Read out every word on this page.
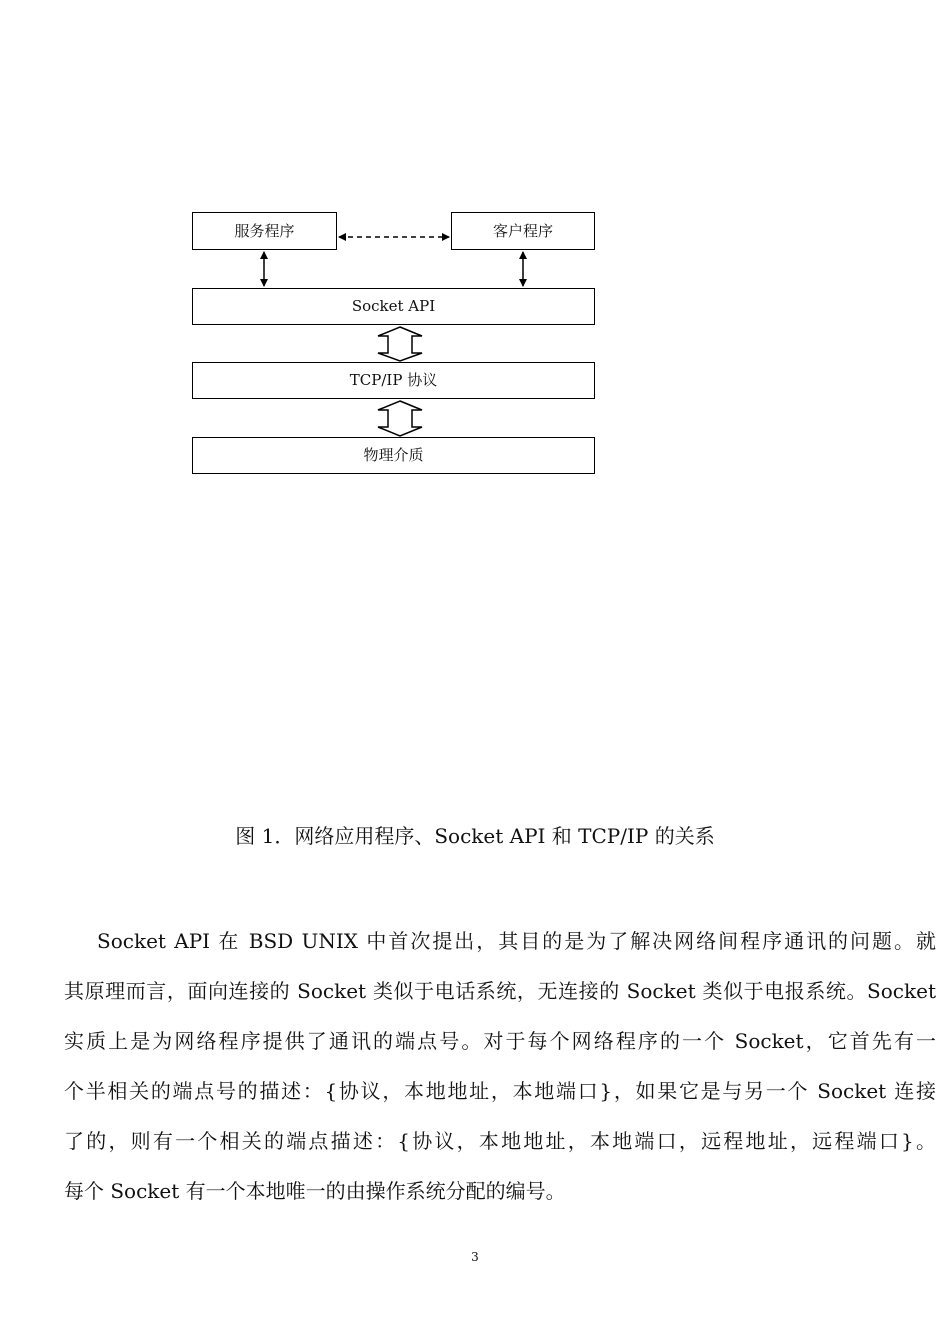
服务程序	客户程序
Socket API
TCP/IP 协议
物理介质
图 1．网络应用程序、Socket API 和 TCP/IP 的关系
Socket API 在 BSD UNIX 中首次提出，其目的是为了解决网络间程序通讯的问题。就
其原理而言，面向连接的 Socket 类似于电话系统，无连接的 Socket 类似于电报系统。Socket
实质上是为网络程序提供了通讯的端点号。对于每个网络程序的一个 Socket，它首先有一
个半相关的端点号的描述：{协议，本地地址，本地端口}，如果它是与另一个 Socket 连接
了的，则有一个相关的端点描述：{协议，本地地址，本地端口，远程地址，远程端口}。
每个 Socket 有一个本地唯一的由操作系统分配的编号。
3
